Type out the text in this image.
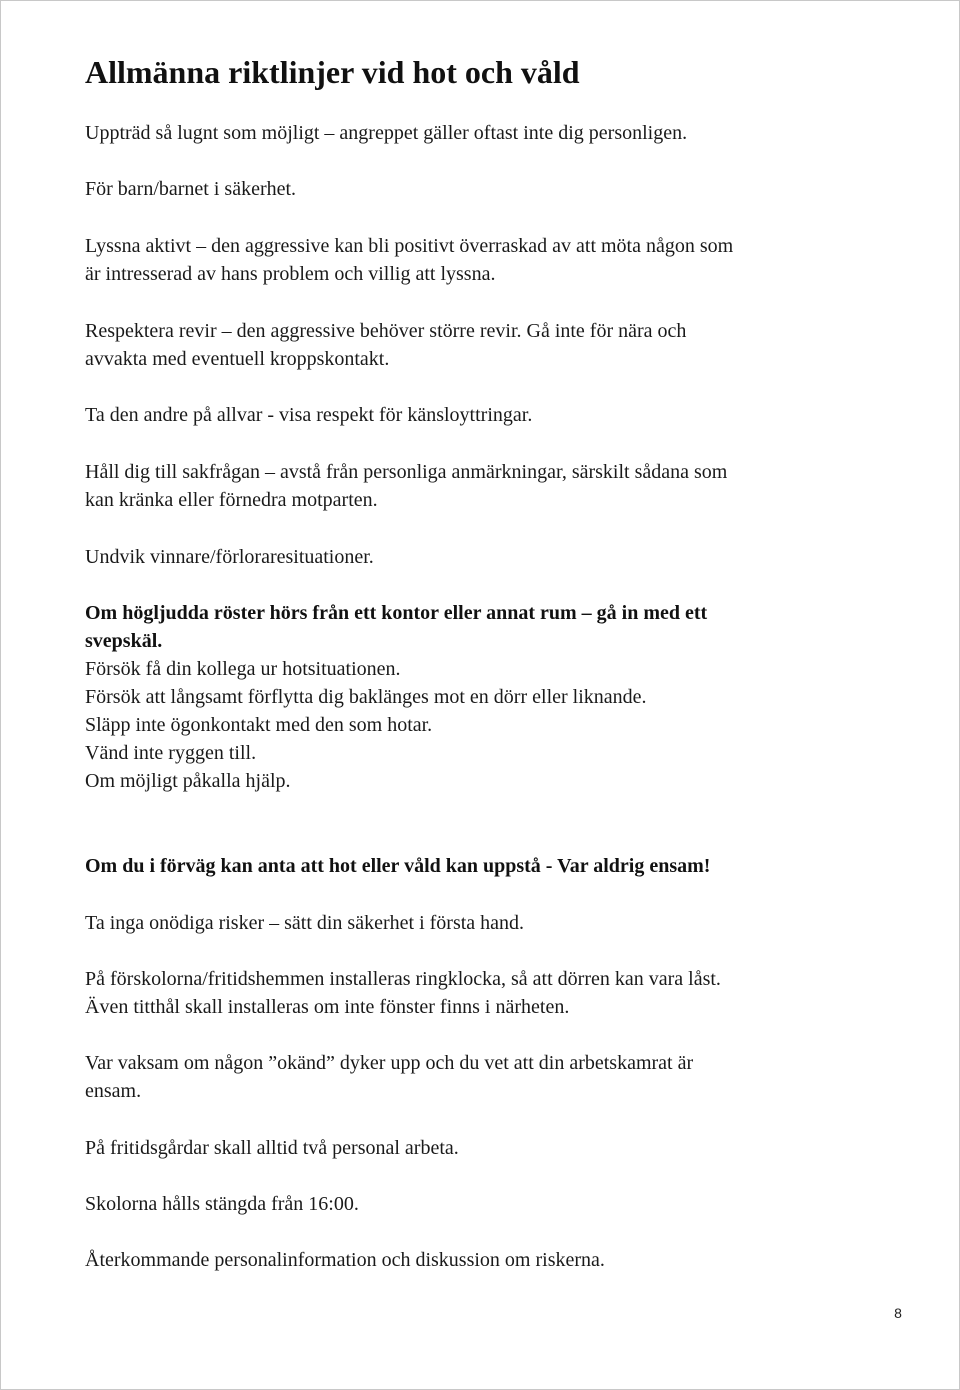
Allmänna riktlinjer vid hot och våld

Uppträd så lugnt som möjligt – angreppet gäller oftast inte dig personligen.

För barn/barnet i säkerhet.

Lyssna aktivt – den aggressive kan bli positivt överraskad av att möta någon som

är intresserad av hans problem och villig att lyssna.

Respektera revir – den aggressive behöver större revir. Gå inte för nära och

avvakta med eventuell kroppskontakt.

Ta den andre på allvar - visa respekt för känsloyttringar.

Håll dig till sakfrågan – avstå från personliga anmärkningar, särskilt sådana som

kan kränka eller förnedra motparten.

Undvik vinnare/förloraresituationer.

Om högljudda röster hörs från ett kontor eller annat rum – gå in med ett

svepskäl.

Försök få din kollega ur hotsituationen.

Försök att långsamt förflytta dig baklänges mot en dörr eller liknande.

Släpp inte ögonkontakt med den som hotar.

Vänd inte ryggen till.

Om möjligt påkalla hjälp.

Om du i förväg kan anta att hot eller våld kan uppstå - Var aldrig ensam!

Ta inga onödiga risker – sätt din säkerhet i första hand.

På förskolorna/fritidshemmen installeras ringklocka, så att dörren kan vara låst.

Även titthål skall installeras om inte fönster finns i närheten.

Var vaksam om någon ”okänd” dyker upp och du vet att din arbetskamrat är

ensam.

På fritidsgårdar skall alltid två personal arbeta.

Skolorna hålls stängda från 16:00.

Återkommande personalinformation och diskussion om riskerna.

8
